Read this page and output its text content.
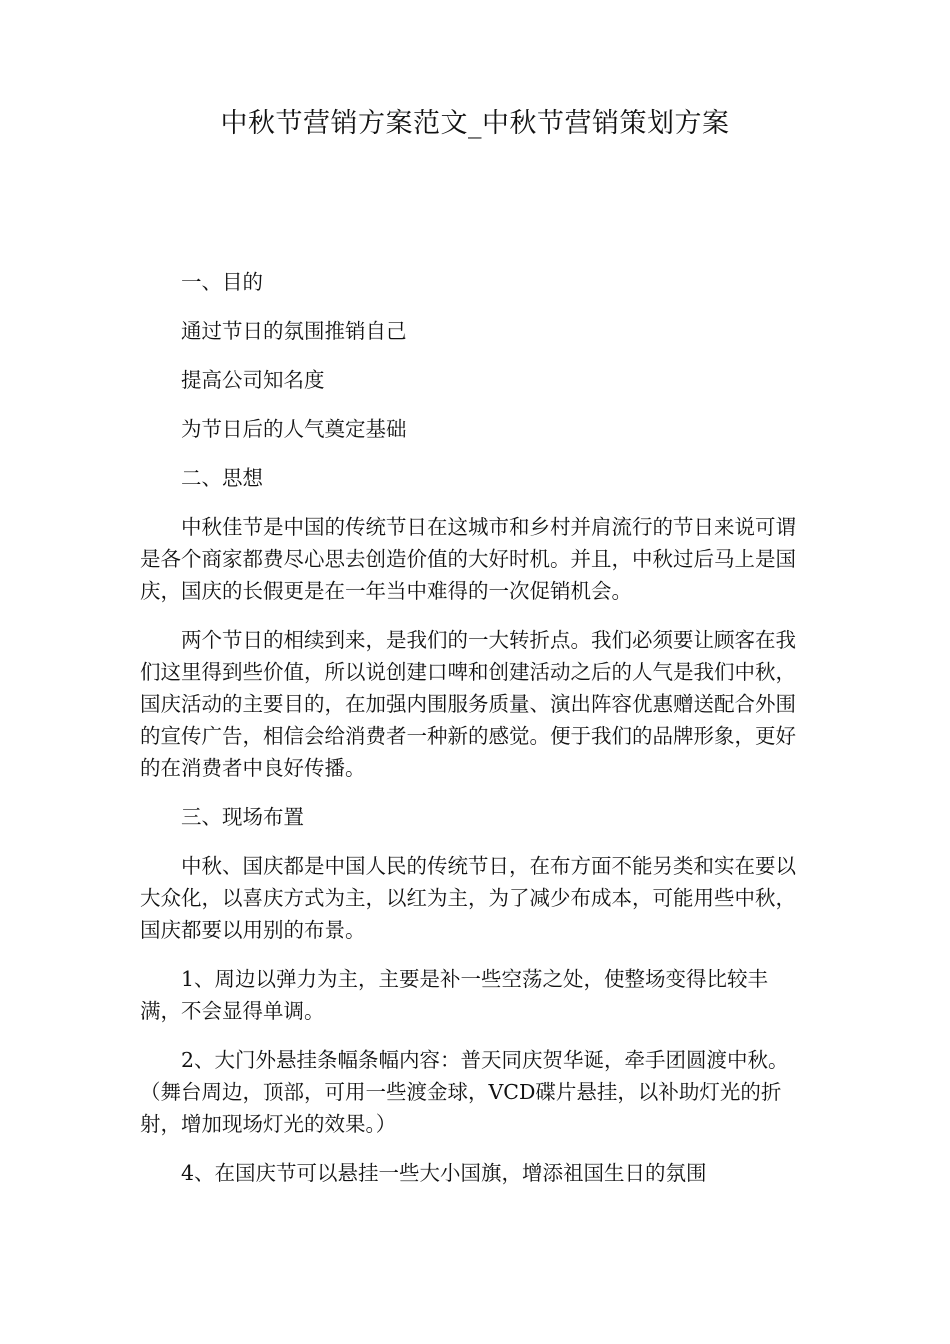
中秋节营销方案范文_中秋节营销策划方案

一、目的

通过节日的氛围推销自己

提高公司知名度

为节日后的人气奠定基础

二、思想

中秋佳节是中国的传统节日在这城市和乡村并肩流行的节日来说可谓是各个商家都费尽心思去创造价值的大好时机。并且，中秋过后马上是国庆，国庆的长假更是在一年当中难得的一次促销机会。

两个节日的相续到来，是我们的一大转折点。我们必须要让顾客在我们这里得到些价值，所以说创建口啤和创建活动之后的人气是我们中秋，国庆活动的主要目的，在加强内围服务质量、演出阵容优惠赠送配合外围的宣传广告，相信会给消费者一种新的感觉。便于我们的品牌形象，更好的在消费者中良好传播。

三、现场布置

中秋、国庆都是中国人民的传统节日，在布方面不能另类和实在要以大众化，以喜庆方式为主，以红为主，为了减少布成本，可能用些中秋，国庆都要以用别的布景。

1、周边以弹力为主，主要是补一些空荡之处，使整场变得比较丰满，不会显得单调。

2、大门外悬挂条幅条幅内容：普天同庆贺华诞，牵手团圆渡中秋。（舞台周边，顶部，可用一些渡金球，VCD碟片悬挂，以补助灯光的折射，增加现场灯光的效果。）

4、在国庆节可以悬挂一些大小国旗，增添祖国生日的氛围
